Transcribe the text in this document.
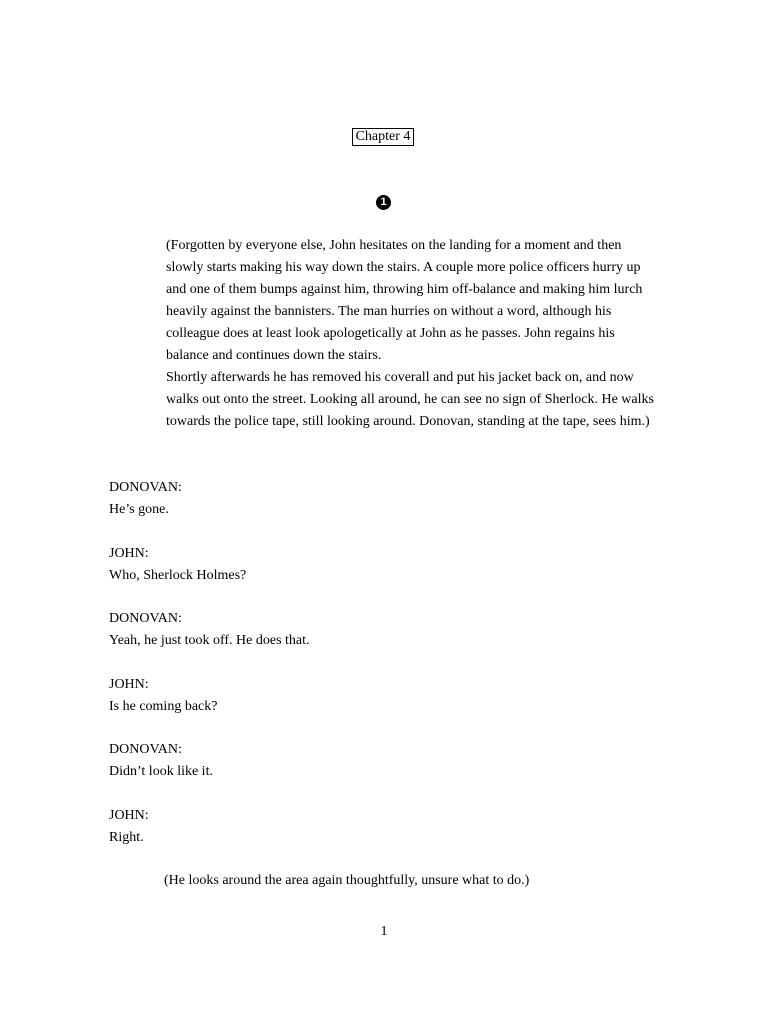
Chapter 4
1

(Forgotten by everyone else, John hesitates on the landing for a moment and then slowly starts making his way down the stairs. A couple more police officers hurry up and one of them bumps against him, throwing him off-balance and making him lurch heavily against the bannisters. The man hurries on without a word, although his colleague does at least look apologetically at John as he passes. John regains his balance and continues down the stairs.

Shortly afterwards he has removed his coverall and put his jacket back on, and now walks out onto the street. Looking all around, he can see no sign of Sherlock. He walks towards the police tape, still looking around. Donovan, standing at the tape, sees him.)

DONOVAN:
He’s gone.
JOHN:
Who, Sherlock Holmes?
DONOVAN:
Yeah, he just took off. He does that.
JOHN:
Is he coming back?
DONOVAN:
Didn’t look like it.
JOHN:
Right.

(He looks around the area again thoughtfully, unsure what to do.)

1
